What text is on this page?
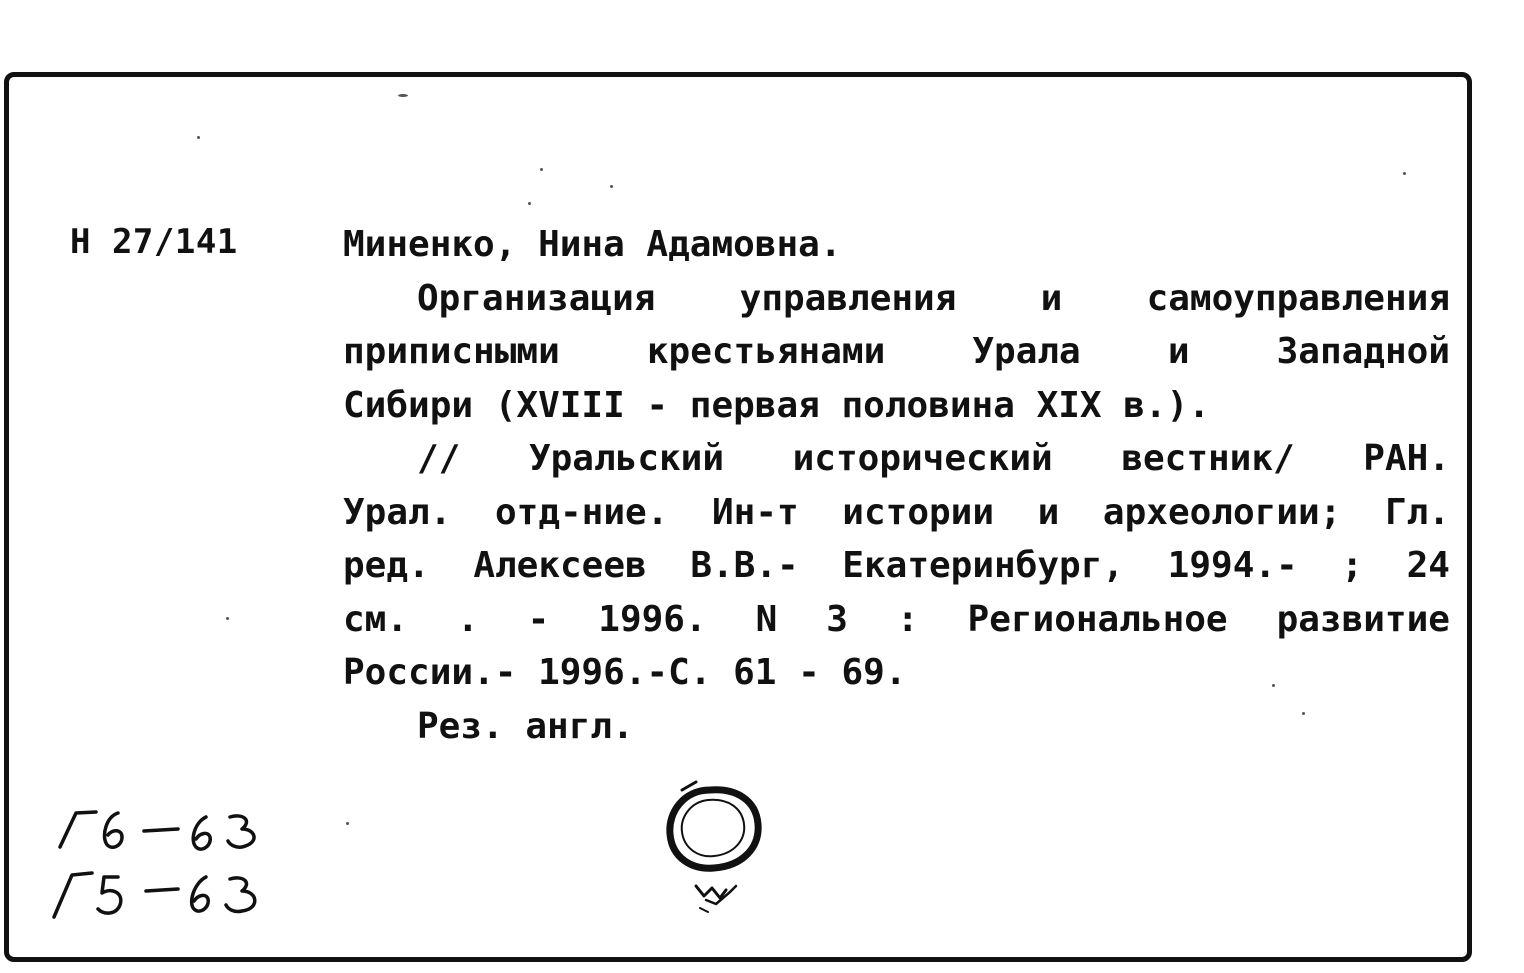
Н 27/141	Миненко, Нина Адамовна.
Организация управления и самоуправления
приписными крестьянами Урала и Западной
Сибири (XVIII - первая половина XIX в.).
// Уральский исторический вестник/ РАН.
Урал. отд-ние. Ин-т истории и археологии; Гл.
ред. Алексеев В.В.- Екатеринбург, 1994.- ; 24
см. . - 1996. N 3 : Региональное развитие
России.- 1996.-С. 61 - 69.
Рез. англ.
